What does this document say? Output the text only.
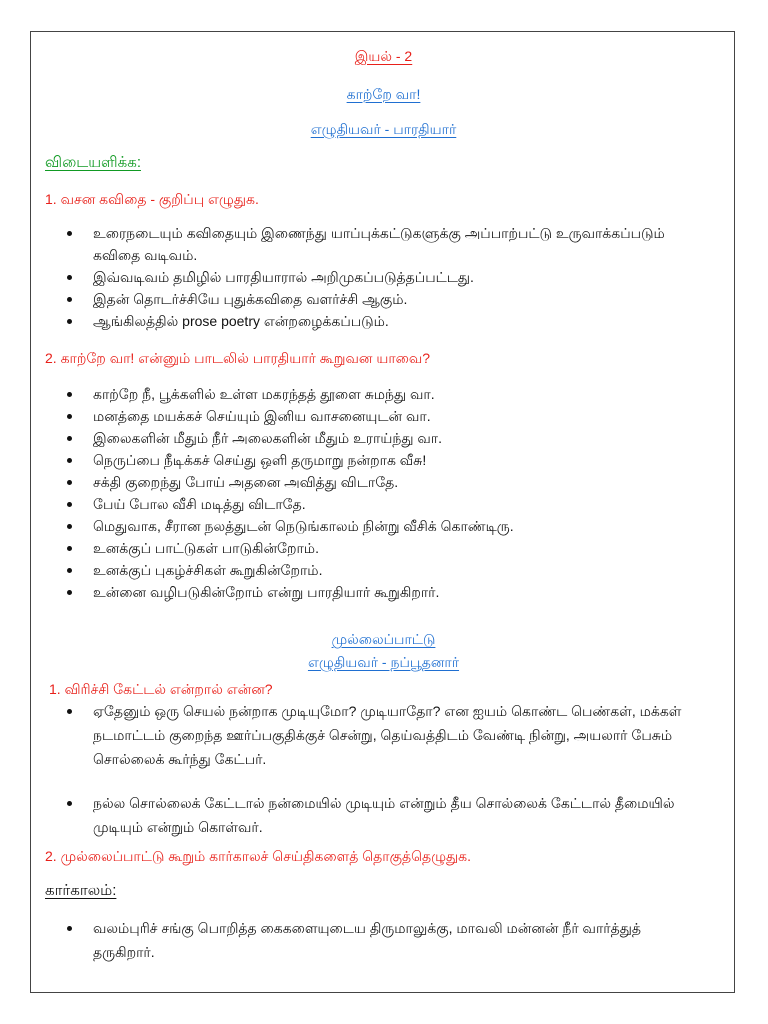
இயல் - 2
காற்றே வா!
எழுதியவர் - பாரதியார்
விடையளிக்க:
1. வசன கவிதை - குறிப்பு எழுதுக.
உரைநடையும் கவிதையும் இணைந்து யாப்புக்கட்டுகளுக்கு அப்பாற்பட்டு உருவாக்கப்படும் கவிதை வடிவம்.
இவ்வடிவம் தமிழில் பாரதியாரால் அறிமுகப்படுத்தப்பட்டது.
இதன் தொடர்ச்சியே புதுக்கவிதை வளர்ச்சி ஆகும்.
ஆங்கிலத்தில் prose poetry என்றழைக்கப்படும்.
2. காற்றே வா! என்னும் பாடலில் பாரதியார் கூறுவன யாவை?
காற்றே நீ, பூக்களில் உள்ள மகரந்தத் தூளை சுமந்து வா.
மனத்தை மயக்கச் செய்யும் இனிய வாசனையுடன் வா.
இலைகளின் மீதும் நீர் அலைகளின் மீதும் உராய்ந்து வா.
நெருப்பை நீடிக்கச் செய்து ஒளி தருமாறு நன்றாக வீசு!
சக்தி குறைந்து போய் அதனை அவித்து விடாதே.
பேய் போல வீசி மடித்து விடாதே.
மெதுவாக, சீரான நலத்துடன் நெடுங்காலம் நின்று வீசிக் கொண்டிரு.
உனக்குப் பாட்டுகள் பாடுகின்றோம்.
உனக்குப் புகழ்ச்சிகள் கூறுகின்றோம்.
உன்னை வழிபடுகின்றோம் என்று பாரதியார் கூறுகிறார்.
முல்லைப்பாட்டு
எழுதியவர் - நப்பூதனார்
1. விரிச்சி கேட்டல் என்றால் என்ன?
ஏதேனும் ஒரு செயல் நன்றாக முடியுமோ? முடியாதோ? என ஐயம் கொண்ட பெண்கள், மக்கள் நடமாட்டம் குறைந்த ஊர்ப்பகுதிக்குச் சென்று, தெய்வத்திடம் வேண்டி நின்று, அயலார் பேசும் சொல்லைக் கூர்ந்து கேட்பர்.
நல்ல சொல்லைக் கேட்டால் நன்மையில் முடியும் என்றும் தீய சொல்லைக் கேட்டால் தீமையில் முடியும் என்றும் கொள்வர்.
2. முல்லைப்பாட்டு கூறும் கார்காலச் செய்திகளைத் தொகுத்தெழுதுக.
கார்காலம்:
வலம்புரிச் சங்கு பொறித்த கைகளையுடைய திருமாலுக்கு, மாவலி மன்னன் நீர் வார்த்துத் தருகிறார்.
